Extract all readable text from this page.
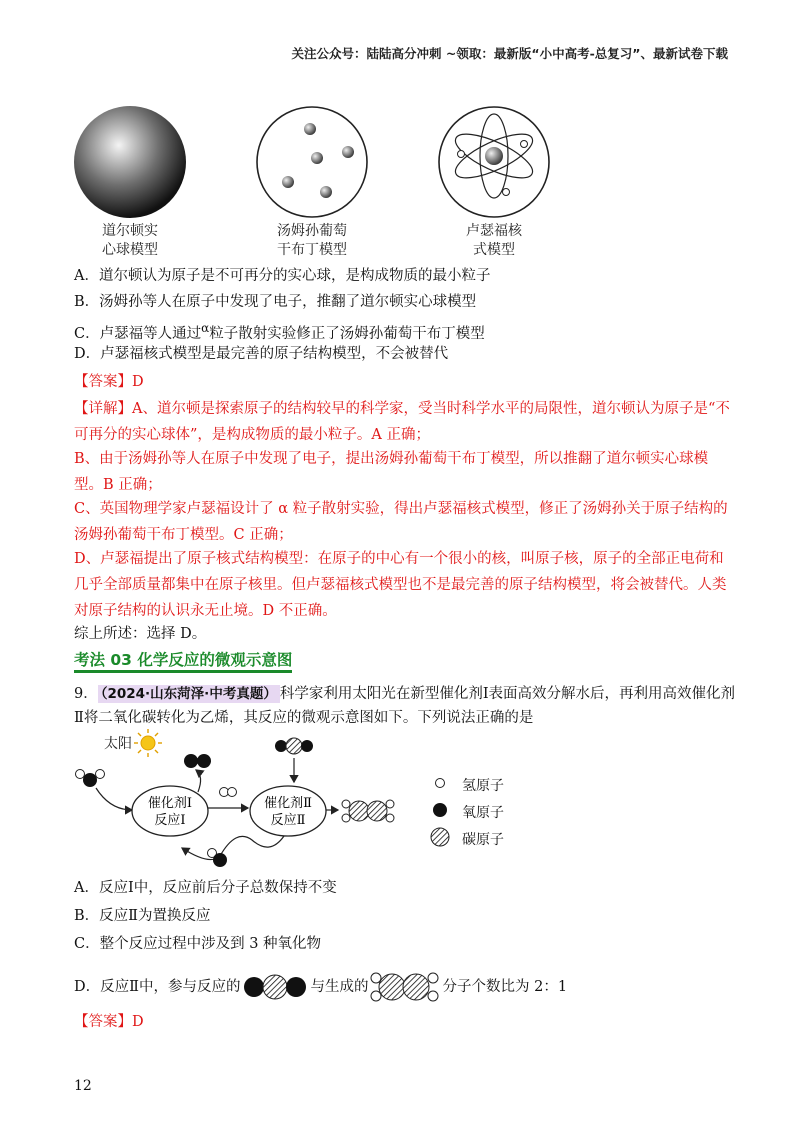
关注公众号：陆陆高分冲刺 ~领取：最新版“小中高考-总复习”、最新试卷下载
道尔顿实
心球模型
汤姆孙葡萄
干布丁模型
卢瑟福核
式模型
A．道尔顿认为原子是不可再分的实心球，是构成物质的最小粒子
B．汤姆孙等人在原子中发现了电子，推翻了道尔顿实心球模型
C．卢瑟福等人通过$^\alpha$粒子散射实验修正了汤姆孙葡萄干布丁模型
D．卢瑟福核式模型是最完善的原子结构模型，不会被替代
【答案】D
【详解】A、道尔顿是探索原子的结构较早的科学家，受当时科学水平的局限性，道尔顿认为原子是“不可再分的实心球体”，是构成物质的最小粒子。A 正确；
B、由于汤姆孙等人在原子中发现了电子，提出汤姆孙葡萄干布丁模型，所以推翻了道尔顿实心球模型。B 正确；
C、英国物理学家卢瑟福设计了 α 粒子散射实验，得出卢瑟福核式模型，修正了汤姆孙关于原子结构的汤姆孙葡萄干布丁模型。C 正确；
D、卢瑟福提出了原子核式结构模型：在原子的中心有一个很小的核，叫原子核，原子的全部正电荷和几乎全部质量都集中在原子核里。但卢瑟福核式模型也不是最完善的原子结构模型，将会被替代。人类对原子结构的认识永无止境。D 不正确。
综上所述：选择 D。
考法 03 化学反应的微观示意图
9． （2024·山东菏泽·中考真题） 科学家利用太阳光在新型催化剂Ⅰ表面高效分解水后，再利用高效催化剂
Ⅱ将二氧化碳转化为乙烯，其反应的微观示意图如下。下列说法正确的是
太阳
催化剂Ⅰ
反应Ⅰ
催化剂Ⅱ
反应Ⅱ
氢原子
氧原子
碳原子
A．反应Ⅰ中，反应前后分子总数保持不变
B．反应Ⅱ为置换反应
C．整个反应过程中涉及到 3 种氧化物
D．反应Ⅱ中，参与反应的	与生成的	分子个数比为 2：1
【答案】D
12
